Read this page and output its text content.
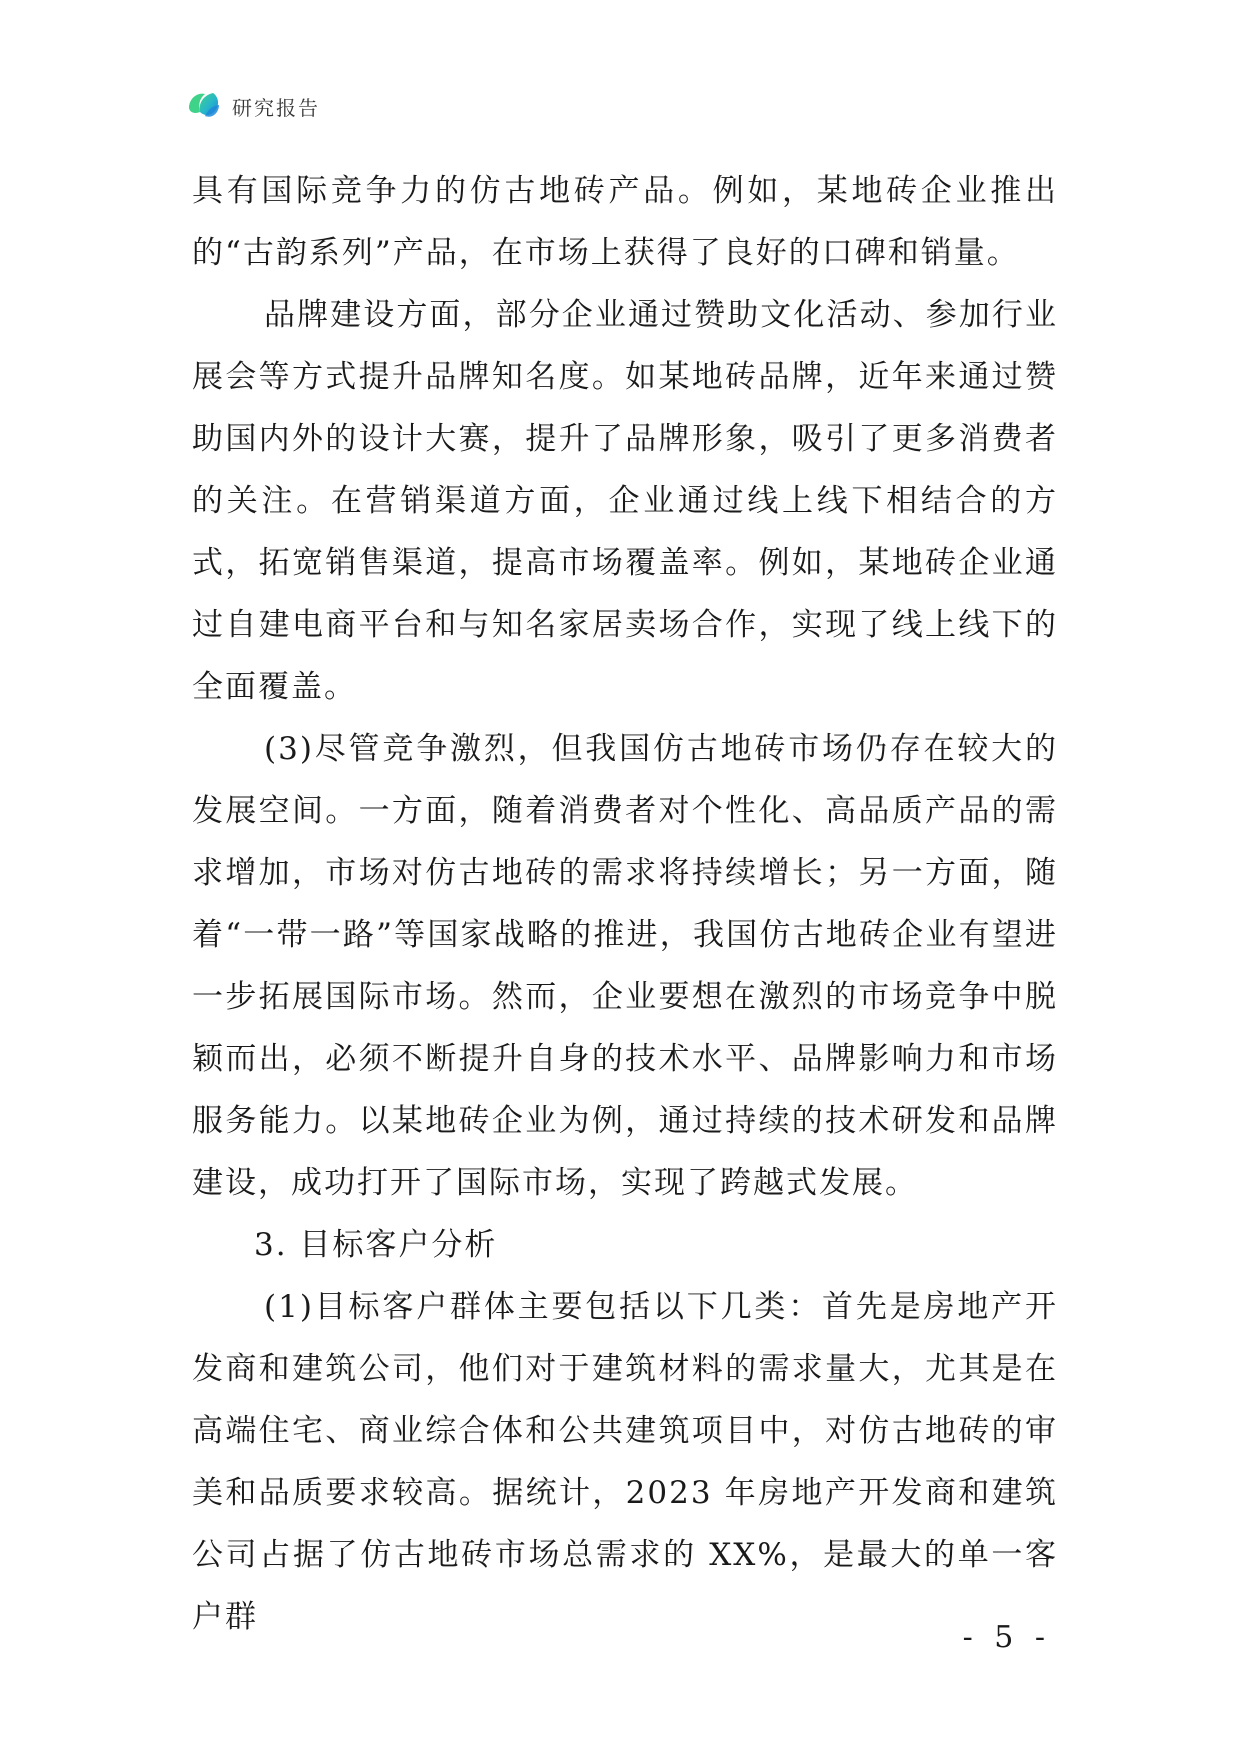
研究报告

具有国际竞争力的仿古地砖产品。例如，某地砖企业推出的“古韵系列”产品，在市场上获得了良好的口碑和销量。

品牌建设方面，部分企业通过赞助文化活动、参加行业展会等方式提升品牌知名度。如某地砖品牌，近年来通过赞助国内外的设计大赛，提升了品牌形象，吸引了更多消费者的关注。在营销渠道方面，企业通过线上线下相结合的方式，拓宽销售渠道，提高市场覆盖率。例如，某地砖企业通过自建电商平台和与知名家居卖场合作，实现了线上线下的全面覆盖。

(3)尽管竞争激烈，但我国仿古地砖市场仍存在较大的发展空间。一方面，随着消费者对个性化、高品质产品的需求增加，市场对仿古地砖的需求将持续增长；另一方面，随着“一带一路”等国家战略的推进，我国仿古地砖企业有望进一步拓展国际市场。然而，企业要想在激烈的市场竞争中脱颖而出，必须不断提升自身的技术水平、品牌影响力和市场服务能力。以某地砖企业为例，通过持续的技术研发和品牌建设，成功打开了国际市场，实现了跨越式发展。

3. 目标客户分析

(1)目标客户群体主要包括以下几类：首先是房地产开发商和建筑公司，他们对于建筑材料的需求量大，尤其是在高端住宅、商业综合体和公共建筑项目中，对仿古地砖的审美和品质要求较高。据统计，2023 年房地产开发商和建筑公司占据了仿古地砖市场总需求的 XX%，是最大的单一客户群

- 5 -
